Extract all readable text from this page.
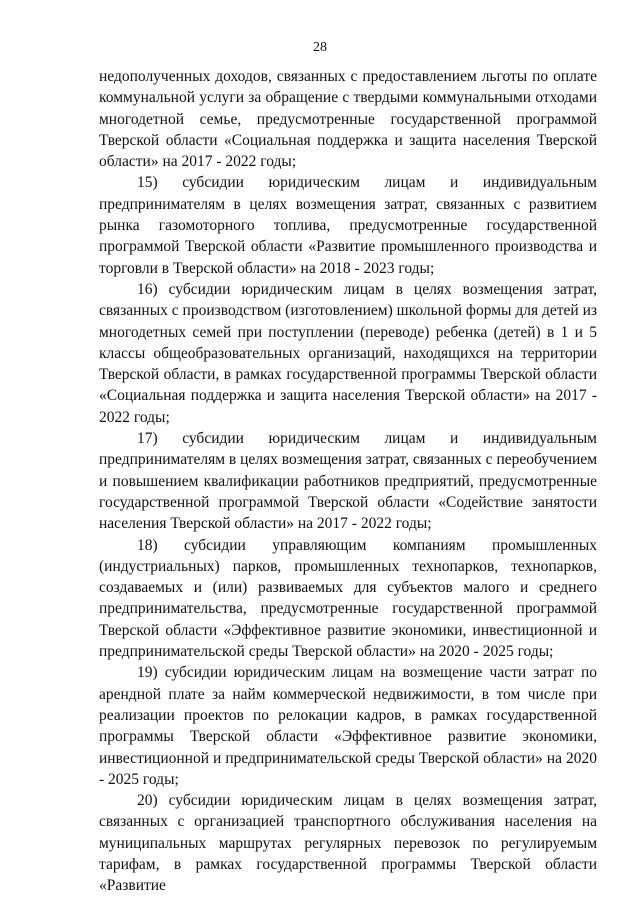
28

недополученных доходов, связанных с предоставлением льготы по оплате коммунальной услуги за обращение с твердыми коммунальными отходами многодетной семье, предусмотренные государственной программой Тверской области «Социальная поддержка и защита населения Тверской области» на 2017 - 2022 годы;

15) субсидии юридическим лицам и индивидуальным предпринимателям в целях возмещения затрат, связанных с развитием рынка газомоторного топлива, предусмотренные государственной программой Тверской области «Развитие промышленного производства и торговли в Тверской области» на 2018 - 2023 годы;

16) субсидии юридическим лицам в целях возмещения затрат, связанных с производством (изготовлением) школьной формы для детей из многодетных семей при поступлении (переводе) ребенка (детей) в 1 и 5 классы общеобразовательных организаций, находящихся на территории Тверской области, в рамках государственной программы Тверской области «Социальная поддержка и защита населения Тверской области» на 2017 - 2022 годы;

17) субсидии юридическим лицам и индивидуальным предпринимателям в целях возмещения затрат, связанных с переобучением и повышением квалификации работников предприятий, предусмотренные государственной программой Тверской области «Содействие занятости населения Тверской области» на 2017 - 2022 годы;

18) субсидии управляющим компаниям промышленных (индустриальных) парков, промышленных технопарков, технопарков, создаваемых и (или) развиваемых для субъектов малого и среднего предпринимательства, предусмотренные государственной программой Тверской области «Эффективное развитие экономики, инвестиционной и предпринимательской среды Тверской области» на 2020 - 2025 годы;

19) субсидии юридическим лицам на возмещение части затрат по арендной плате за найм коммерческой недвижимости, в том числе при реализации проектов по релокации кадров, в рамках государственной программы Тверской области «Эффективное развитие экономики, инвестиционной и предпринимательской среды Тверской области» на 2020 - 2025 годы;

20) субсидии юридическим лицам в целях возмещения затрат, связанных с организацией транспортного обслуживания населения на муниципальных маршрутах регулярных перевозок по регулируемым тарифам, в рамках государственной программы Тверской области «Развитие
